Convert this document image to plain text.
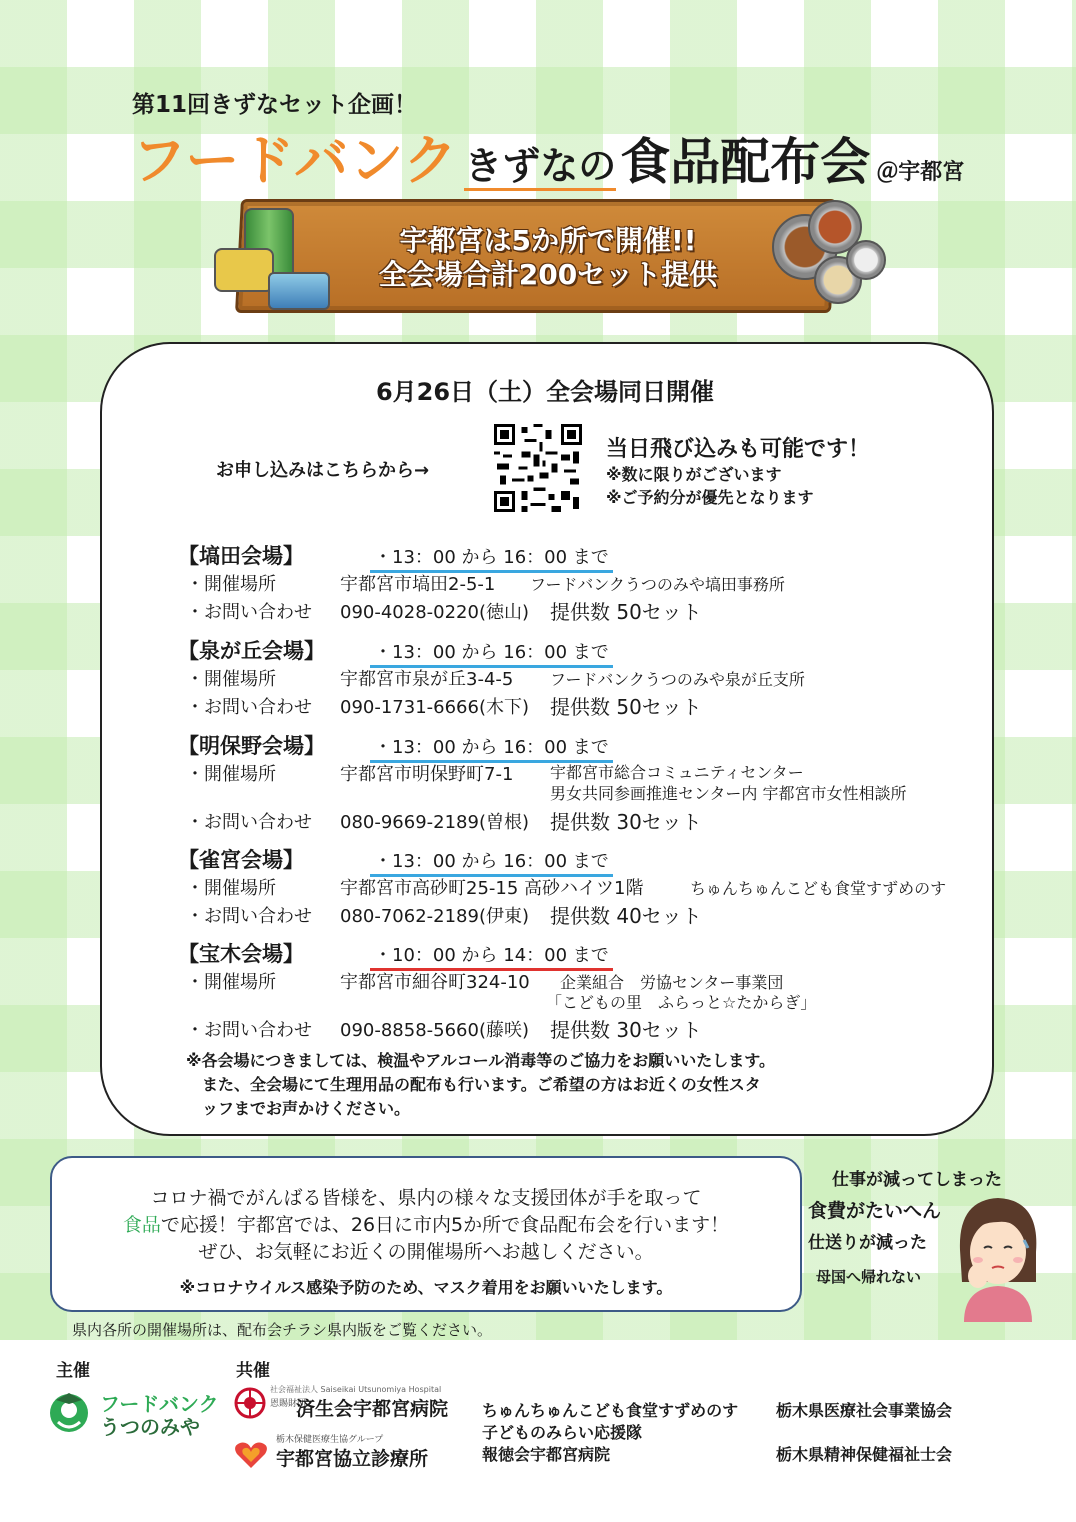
第11回きずなセット企画！
フードバンク きずなの食品配布会 ＠宇都宮
宇都宮は5か所で開催!!
全会場合計200セット提供
6月26日（土）全会場同日開催
お申し込みはこちらから→
当日飛び込みも可能です！
※数に限りがございます
※ご予約分が優先となります
【塙田会場】	・13：00 から 16：00 まで
・開催場所	宇都宮市塙田2-5-1 フードバンクうつのみや塙田事務所
・お問い合わせ 090-4028-0220(徳山) 提供数 50セット
【泉が丘会場】	・13：00 から 16：00 まで
・開催場所	宇都宮市泉が丘3-4-5 フードバンクうつのみや泉が丘支所
・お問い合わせ 090-1731-6666(木下) 提供数 50セット
【明保野会場】	・13：00 から 16：00 まで
・開催場所	宇都宮市明保野町7-1 宇都宮市総合コミュニティセンター
男女共同参画推進センター内 宇都宮市女性相談所
・お問い合わせ 080-9669-2189(曽根) 提供数 30セット
【雀宮会場】	・13：00 から 16：00 まで
・開催場所	宇都宮市高砂町25-15 高砂ハイツ1階	ちゅんちゅんこども食堂すずめのす
・お問い合わせ 080-7062-2189(伊東) 提供数 40セット
【宝木会場】	・10：00 から 14：00 まで
・開催場所	宇都宮市細谷町324-10 企業組合　労協センター事業団
「こどもの里　ふらっと☆たからぎ」
・お問い合わせ 090-8858-5660(藤咲) 提供数 30セット
※各会場につきましては、検温やアルコール消毒等のご協力をお願いいたします。
また、全会場にて生理用品の配布も行います。ご希望の方はお近くの女性スタ
ッフまでお声かけください。
コロナ禍でがんばる皆様を、県内の様々な支援団体が手を取って
食品で応援！宇都宮では、26日に市内5か所で食品配布会を行います！
ぜひ、お気軽にお近くの開催場所へお越しください。
※コロナウイルス感染予防のため、マスク着用をお願いいたします。
仕事が減ってしまった
食費がたいへん
仕送りが減った
母国へ帰れない
県内各所の開催場所は、配布会チラシ県内版をご覧ください。
主催	共催
フードバンク
うつのみや
社会福祉法人 Saiseikai Utsunomiya Hospital
恩賜財団
済生会宇都宮病院
栃木保健医療生協グループ
宇都宮協立診療所
ちゅんちゅんこども食堂すずめのす
子どものみらい応援隊
報徳会宇都宮病院
栃木県医療社会事業協会
栃木県精神保健福祉士会
